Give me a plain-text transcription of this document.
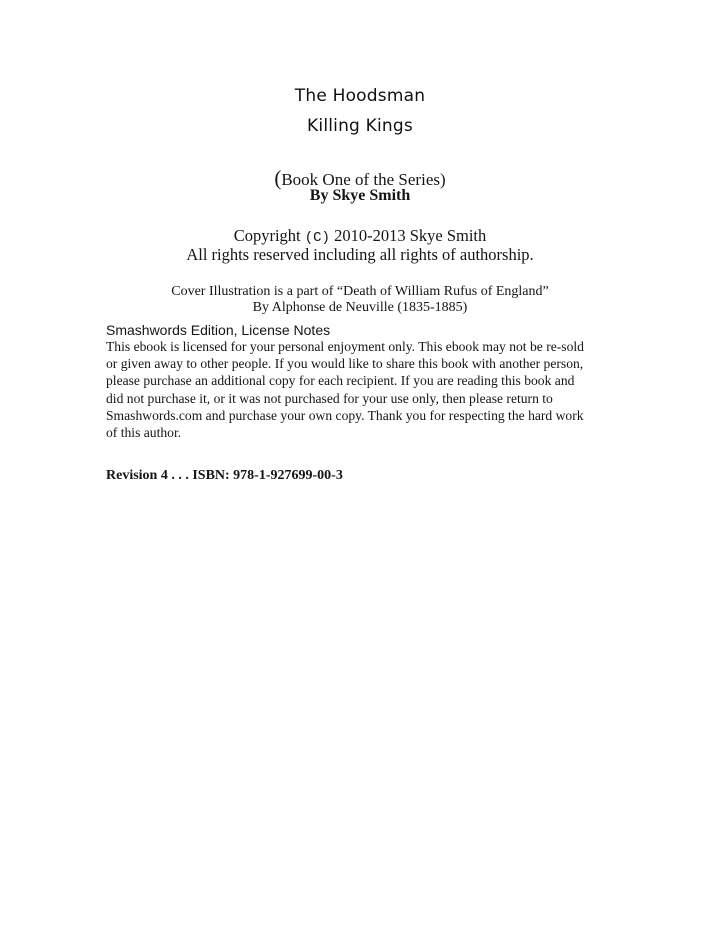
The Hoodsman
Killing Kings
(Book One of the Series)
By Skye Smith
Copyright (C) 2010-2013 Skye Smith
All rights reserved including all rights of authorship.
Cover Illustration is a part of “Death of William Rufus of England”
By Alphonse de Neuville (1835-1885)
Smashwords Edition, License Notes
This ebook is licensed for your personal enjoyment only. This ebook may not be re-sold
or given away to other people. If you would like to share this book with another person,
please purchase an additional copy for each recipient. If you are reading this book and
did not purchase it, or it was not purchased for your use only, then please return to
Smashwords.com and purchase your own copy. Thank you for respecting the hard work
of this author.
Revision 4 . . . ISBN: 978-1-927699-00-3
